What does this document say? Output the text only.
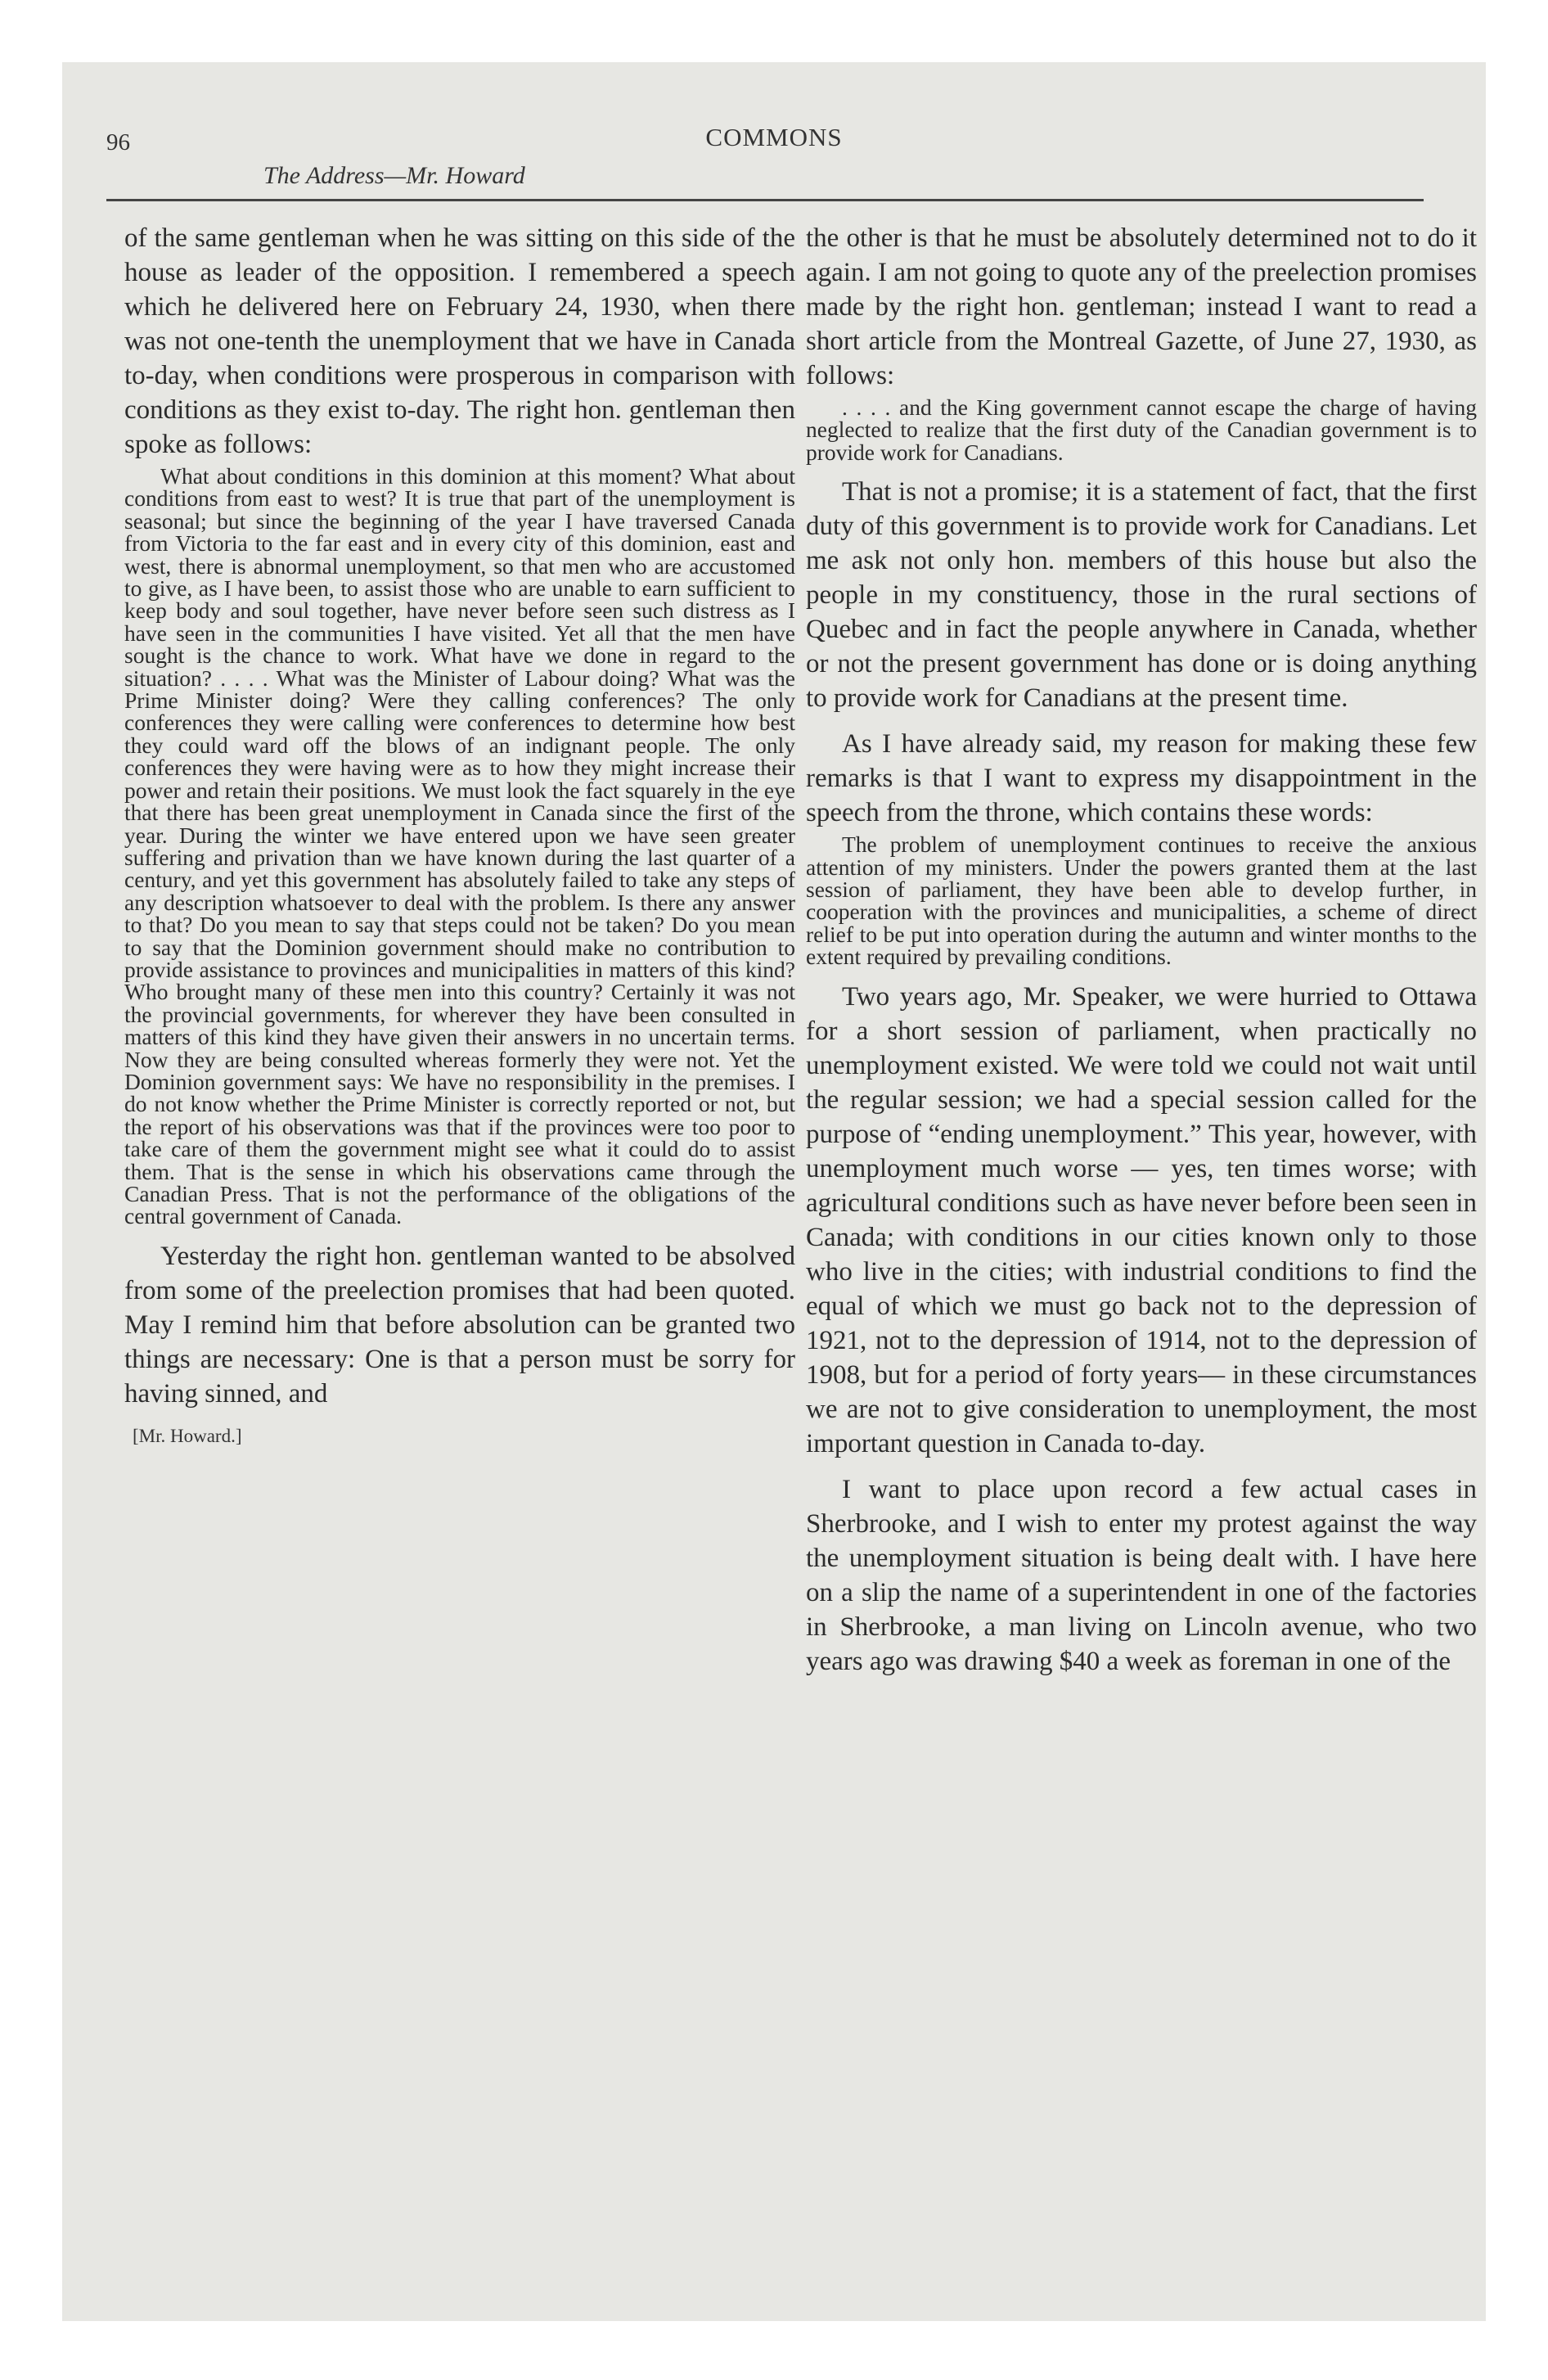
96	COMMONS
The Address—Mr. Howard

of the same gentleman when he was sitting on this side of the house as leader of the opposition. I remembered a speech which he delivered here on February 24, 1930, when there was not one-tenth the unemployment that we have in Canada to-day, when conditions were prosperous in comparison with conditions as they exist to-day. The right hon. gentleman then spoke as follows:

What about conditions in this dominion at this moment? What about conditions from east to west? It is true that part of the unemployment is seasonal; but since the beginning of the year I have traversed Canada from Victoria to the far east and in every city of this dominion, east and west, there is abnormal unemployment, so that men who are accustomed to give, as I have been, to assist those who are unable to earn sufficient to keep body and soul together, have never before seen such distress as I have seen in the communities I have visited. Yet all that the men have sought is the chance to work. What have we done in regard to the situation? . . . . What was the Minister of Labour doing? What was the Prime Minister doing? Were they calling conferences? The only conferences they were calling were conferences to determine how best they could ward off the blows of an indignant people. The only conferences they were having were as to how they might increase their power and retain their positions. We must look the fact squarely in the eye that there has been great unemployment in Canada since the first of the year. During the winter we have entered upon we have seen greater suffering and privation than we have known during the last quarter of a century, and yet this government has absolutely failed to take any steps of any description whatsoever to deal with the problem. Is there any answer to that? Do you mean to say that steps could not be taken? Do you mean to say that the Dominion government should make no contribution to provide assistance to provinces and municipalities in matters of this kind? Who brought many of these men into this country? Certainly it was not the provincial governments, for wherever they have been consulted in matters of this kind they have given their answers in no uncertain terms. Now they are being consulted whereas formerly they were not. Yet the Dominion government says: We have no responsibility in the premises. I do not know whether the Prime Minister is correctly reported or not, but the report of his observations was that if the provinces were too poor to take care of them the government might see what it could do to assist them. That is the sense in which his observations came through the Canadian Press. That is not the performance of the obligations of the central government of Canada.

Yesterday the right hon. gentleman wanted to be absolved from some of the preelection promises that had been quoted. May I remind him that before absolution can be granted two things are necessary: One is that a person must be sorry for having sinned, and

[Mr. Howard.]

the other is that he must be absolutely determined not to do it again. I am not going to quote any of the preelection promises made by the right hon. gentleman; instead I want to read a short article from the Montreal Gazette, of June 27, 1930, as follows:

. . . . and the King government cannot escape the charge of having neglected to realize that the first duty of the Canadian government is to provide work for Canadians.

That is not a promise; it is a statement of fact, that the first duty of this government is to provide work for Canadians. Let me ask not only hon. members of this house but also the people in my constituency, those in the rural sections of Quebec and in fact the people anywhere in Canada, whether or not the present government has done or is doing anything to provide work for Canadians at the present time.

As I have already said, my reason for making these few remarks is that I want to express my disappointment in the speech from the throne, which contains these words:

The problem of unemployment continues to receive the anxious attention of my ministers. Under the powers granted them at the last session of parliament, they have been able to develop further, in cooperation with the provinces and municipalities, a scheme of direct relief to be put into operation during the autumn and winter months to the extent required by prevailing conditions.

Two years ago, Mr. Speaker, we were hurried to Ottawa for a short session of parliament, when practically no unemployment existed. We were told we could not wait until the regular session; we had a special session called for the purpose of “ending unemployment.” This year, however, with unemployment much worse — yes, ten times worse; with agricultural conditions such as have never before been seen in Canada; with conditions in our cities known only to those who live in the cities; with industrial conditions to find the equal of which we must go back not to the depression of 1921, not to the depression of 1914, not to the depression of 1908, but for a period of forty years— in these circumstances we are not to give consideration to unemployment, the most important question in Canada to-day.

I want to place upon record a few actual cases in Sherbrooke, and I wish to enter my protest against the way the unemployment situation is being dealt with. I have here on a slip the name of a superintendent in one of the factories in Sherbrooke, a man living on Lincoln avenue, who two years ago was drawing $40 a week as foreman in one of the
